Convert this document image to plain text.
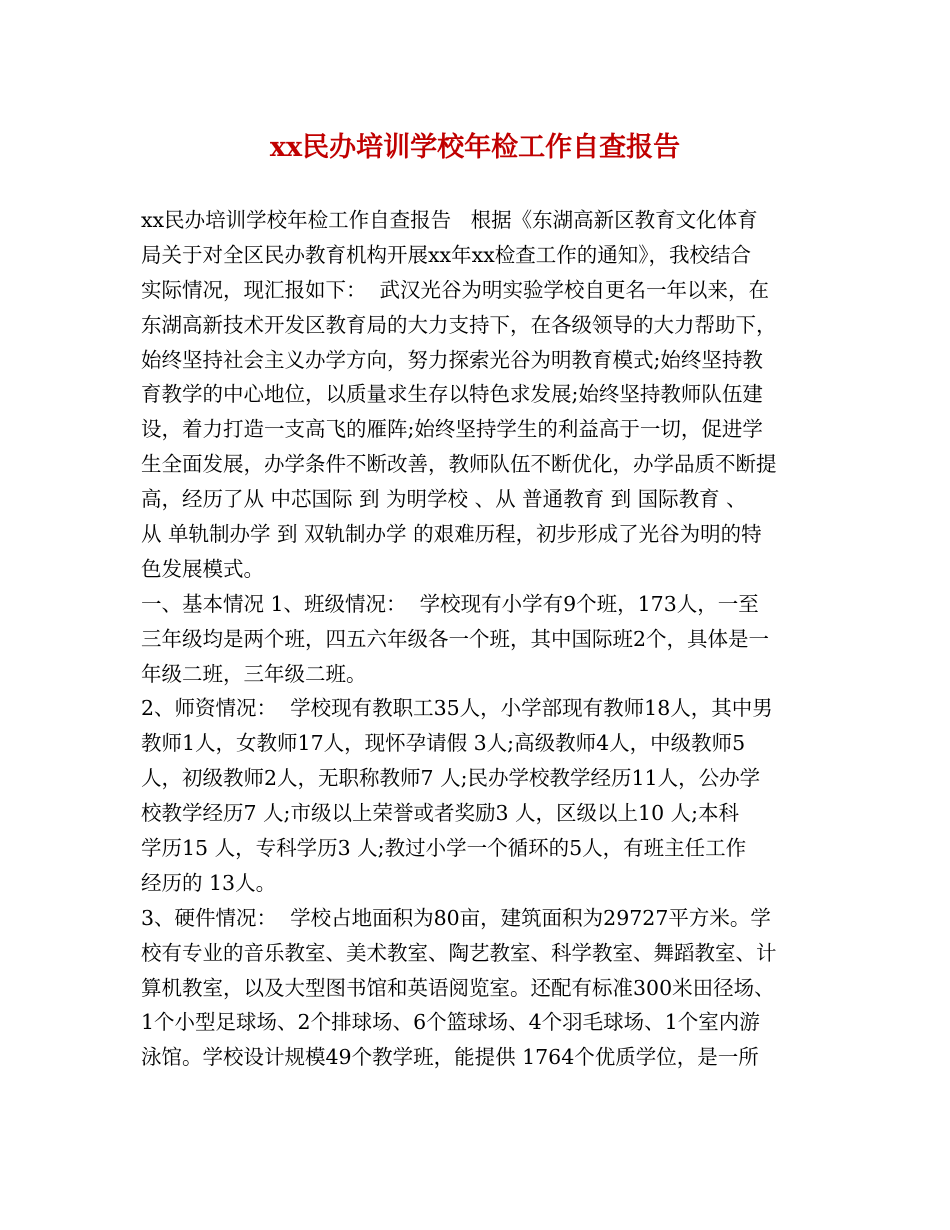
xx民办培训学校年检工作自查报告
xx民办培训学校年检工作自查报告   根据《东湖高新区教育文化体育
局关于对全区民办教育机构开展xx年xx检查工作的通知》，我校结合
实际情况，现汇报如下：  武汉光谷为明实验学校自更名一年以来，在
东湖高新技术开发区教育局的大力支持下，在各级领导的大力帮助下，
始终坚持社会主义办学方向，努力探索光谷为明教育模式;始终坚持教
育教学的中心地位，以质量求生存以特色求发展;始终坚持教师队伍建
设，着力打造一支高飞的雁阵;始终坚持学生的利益高于一切，促进学
生全面发展，办学条件不断改善，教师队伍不断优化，办学品质不断提
高，经历了从 中芯国际 到 为明学校 、从 普通教育 到 国际教育 、
从 单轨制办学 到 双轨制办学 的艰难历程，初步形成了光谷为明的特
色发展模式。
一、基本情况 1、班级情况：  学校现有小学有9个班，173人，一至
三年级均是两个班，四五六年级各一个班，其中国际班2个，具体是一
年级二班，三年级二班。
2、师资情况：  学校现有教职工35人，小学部现有教师18人，其中男
教师1人，女教师17人，现怀孕请假 3人;高级教师4人，中级教师5
人，初级教师2人，无职称教师7 人;民办学校教学经历11人，公办学
校教学经历7 人;市级以上荣誉或者奖励3 人，区级以上10 人;本科
学历15 人，专科学历3 人;教过小学一个循环的5人，有班主任工作
经历的 13人。
3、硬件情况：  学校占地面积为80亩，建筑面积为29727平方米。学
校有专业的音乐教室、美术教室、陶艺教室、科学教室、舞蹈教室、计
算机教室，以及大型图书馆和英语阅览室。还配有标准300米田径场、
1个小型足球场、2个排球场、6个篮球场、4个羽毛球场、1个室内游
泳馆。学校设计规模49个教学班，能提供 1764个优质学位，是一所
